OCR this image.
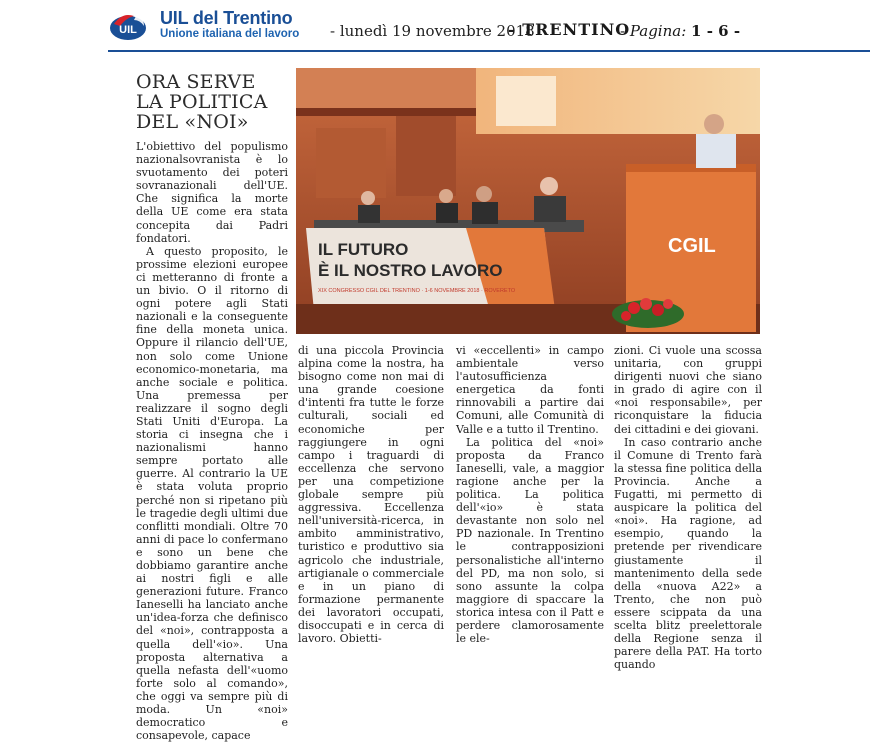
UIL
UIL del Trentino
Unione italiana del lavoro - lunedì 19 novembre 2018
- TRENTINO
- Pagina: 1 - 6 -
ORA SERVE
LA POLITICA
DEL «NOI»
IL FUTURO
È IL NOSTRO LAVORO
XIX CONGRESSO CGIL DEL TRENTINO · 1-6 NOVEMBRE 2018 · ROVERETO
CGIL

L'obiettivo del populismo nazionalsovranista è lo svuotamento dei poteri sovranazionali dell'UE. Che significa la morte della UE come era stata concepita dai Padri fondatori.

A questo proposito, le prossime elezioni europee ci metteranno di fronte a un bivio. O il ritorno di ogni potere agli Stati nazionali e la conseguente fine della moneta unica. Oppure il rilancio dell'UE, non solo come Unione economico-monetaria, ma anche sociale e politica. Una premessa per realizzare il sogno degli Stati Uniti d'Europa. La storia ci insegna che i nazionalismi hanno sempre portato alle guerre. Al contrario la UE è stata voluta proprio perché non si ripetano più le tragedie degli ultimi due conflitti mondiali. Oltre 70 anni di pace lo confermano e sono un bene che dobbiamo garantire anche ai nostri figli e alle generazioni future. Franco Ianeselli ha lanciato anche un'idea-forza che definisco del «noi», contrapposta a quella dell'«io». Una proposta alternativa a quella nefasta dell'«uomo forte solo al comando», che oggi va sempre più di moda. Un «noi» democratico e consapevole, capace

di una piccola Provincia alpina come la nostra, ha bisogno come non mai di una grande coesione d'intenti fra tutte le forze culturali, sociali ed economiche per raggiungere in ogni campo i traguardi di eccellenza che servono per una competizione globale sempre più aggressiva. Eccellenza nell'università-ricerca, in ambito amministrativo, turistico e produttivo sia agricolo che industriale, artigianale o commerciale e in un piano di formazione permanente dei lavoratori occupati, disoccupati e in cerca di lavoro. Obietti-

vi «eccellenti» in campo ambientale verso l'autosufficienza energetica da fonti rinnovabili a partire dai Comuni, alle Comunità di Valle e a tutto il Trentino.

La politica del «noi» proposta da Franco Ianeselli, vale, a maggior ragione anche per la politica. La politica dell'«io» è stata devastante non solo nel PD nazionale. In Trentino le contrapposizioni personalistiche all'interno del PD, ma non solo, si sono assunte la colpa maggiore di spaccare la storica intesa con il Patt e perdere clamorosamente le ele-

zioni. Ci vuole una scossa unitaria, con gruppi dirigenti nuovi che siano in grado di agire con il «noi responsabile», per riconquistare la fiducia dei cittadini e dei giovani.

In caso contrario anche il Comune di Trento farà la stessa fine politica della Provincia. Anche a Fugatti, mi permetto di auspicare la politica del «noi». Ha ragione, ad esempio, quando la pretende per rivendicare giustamente il mantenimento della sede della «nuova A22» a Trento, che non può essere scippata da una scelta blitz preelettorale della Regione senza il parere della PAT. Ha torto quando
